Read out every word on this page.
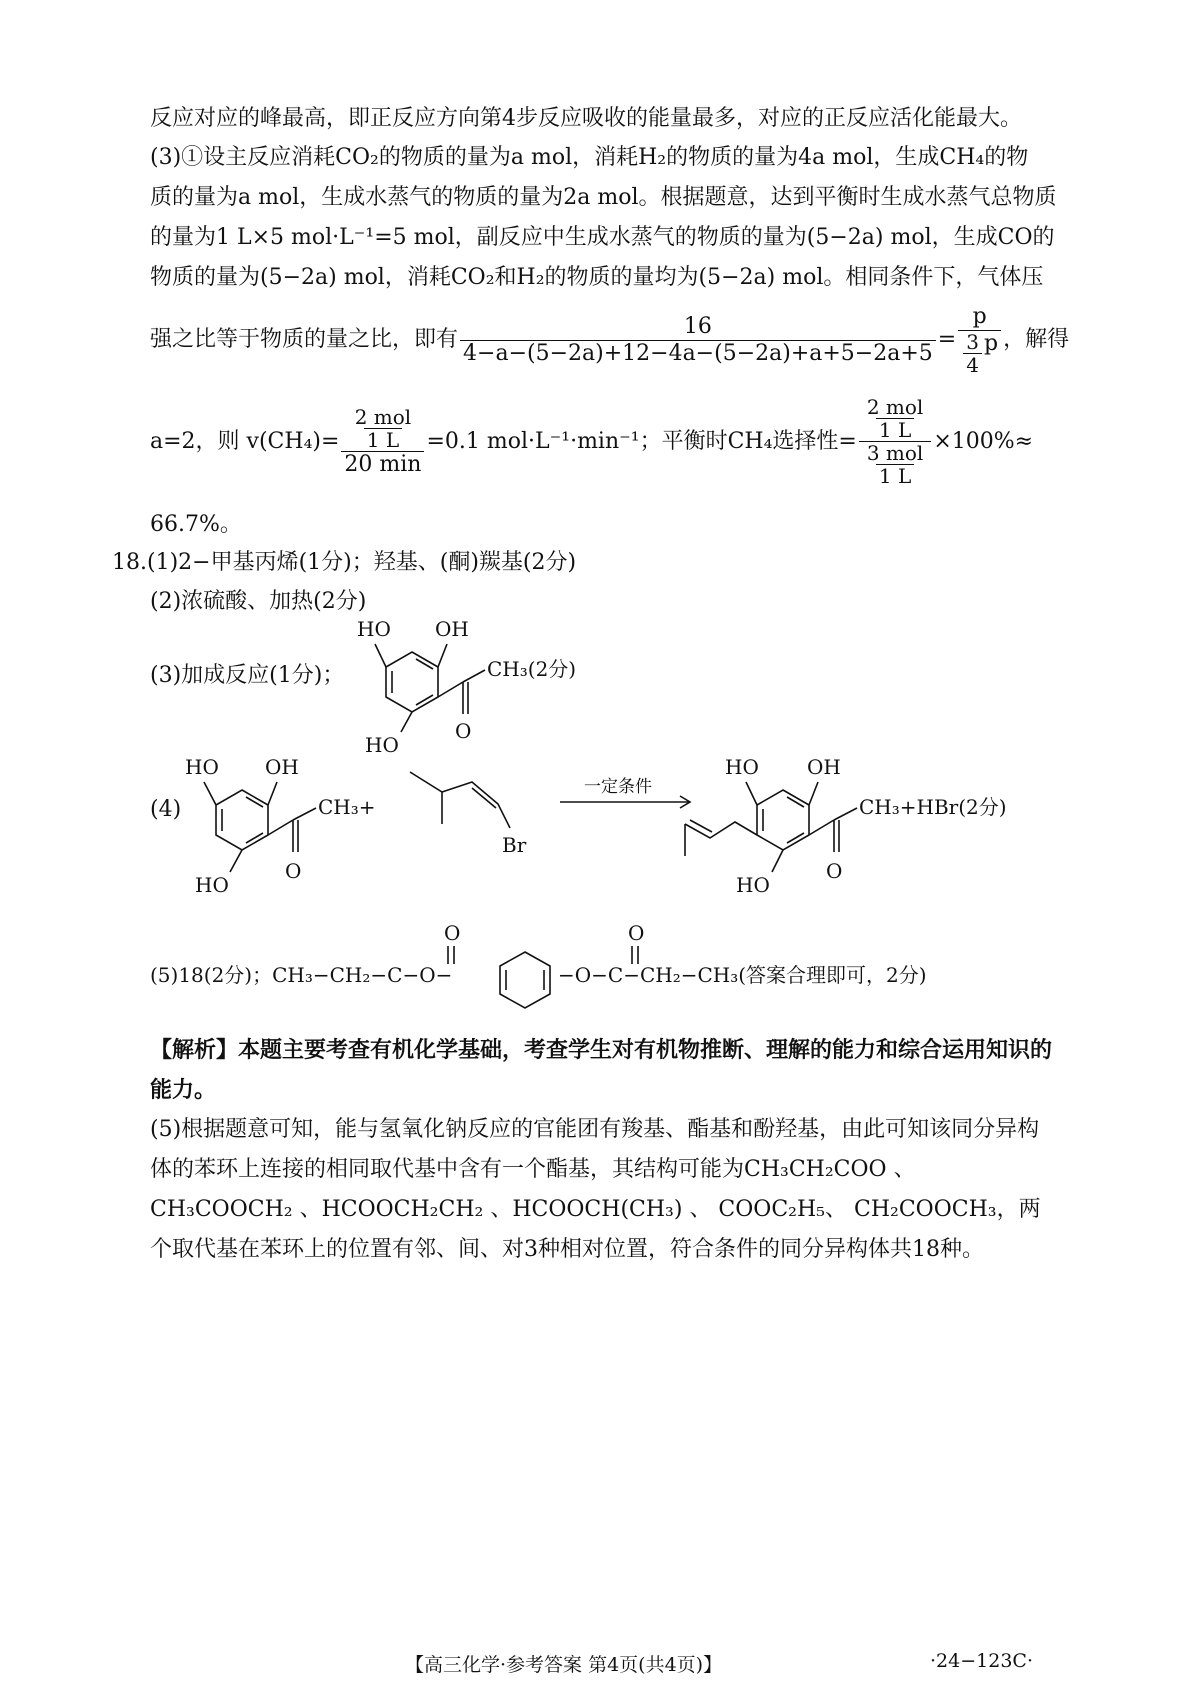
反应对应的峰最高，即正反应方向第4步反应吸收的能量最多，对应的正反应活化能最大。
(3)①设主反应消耗CO₂的物质的量为a mol，消耗H₂的物质的量为4a mol，生成CH₄的物
质的量为a mol，生成水蒸气的物质的量为2a mol。根据题意，达到平衡时生成水蒸气总物质
的量为1 L×5 mol·L⁻¹=5 mol，副反应中生成水蒸气的物质的量为(5−2a) mol，生成CO的
物质的量为(5−2a) mol，消耗CO₂和H₂的物质的量均为(5−2a) mol。相同条件下，气体压
强之比等于物质的量之比，即有 $\frac{16}{4-a-(5-2a)+12-4a-(5-2a)+a+5-2a+5} = \frac{p}{\frac{3}{4} p}$ ，解得
a=2，则 $v(CH_4)= \frac{\frac{\text{2 mol}}{1 L}}{20 \min} =0.1$ mol·L⁻¹·min⁻¹；平衡时CH₄选择性= $\frac{\frac{\text{2 mol}}{1 L}}{\frac{\text{3 mol}}{1 L}} \times 100\%\approx$
66.7%。
18.(1)2−甲基丙烯(1分)；羟基、(酮)羰基(2分)
(2)浓硫酸、加热(2分)
(3)加成反应(1分)；
HO OH
CH₃(2分)
HO
O
(4)
HO OH
CH₃+
HO
O
Br
一定条件
HO OH
CH₃+HBr(2分)
HO
O
(5)18(2分)；CH₃−CH₂−C−O−
O
−O−C−CH₂−CH₃(答案合理即可，2分)
O
【解析】本题主要考查有机化学基础，考查学生对有机物推断、理解的能力和综合运用知识的
能力。
(5)根据题意可知，能与氢氧化钠反应的官能团有羧基、酯基和酚羟基，由此可知该同分异构
体的苯环上连接的相同取代基中含有一个酯基，其结构可能为CH₃CH₂COO 、
CH₃COOCH₂ 、HCOOCH₂CH₂ 、HCOOCH(CH₃) 、 COOC₂H₅、 CH₂COOCH₃，两
个取代基在苯环上的位置有邻、间、对3种相对位置，符合条件的同分异构体共18种。
【高三化学·参考答案 第4页(共4页)】	·24−123C·
